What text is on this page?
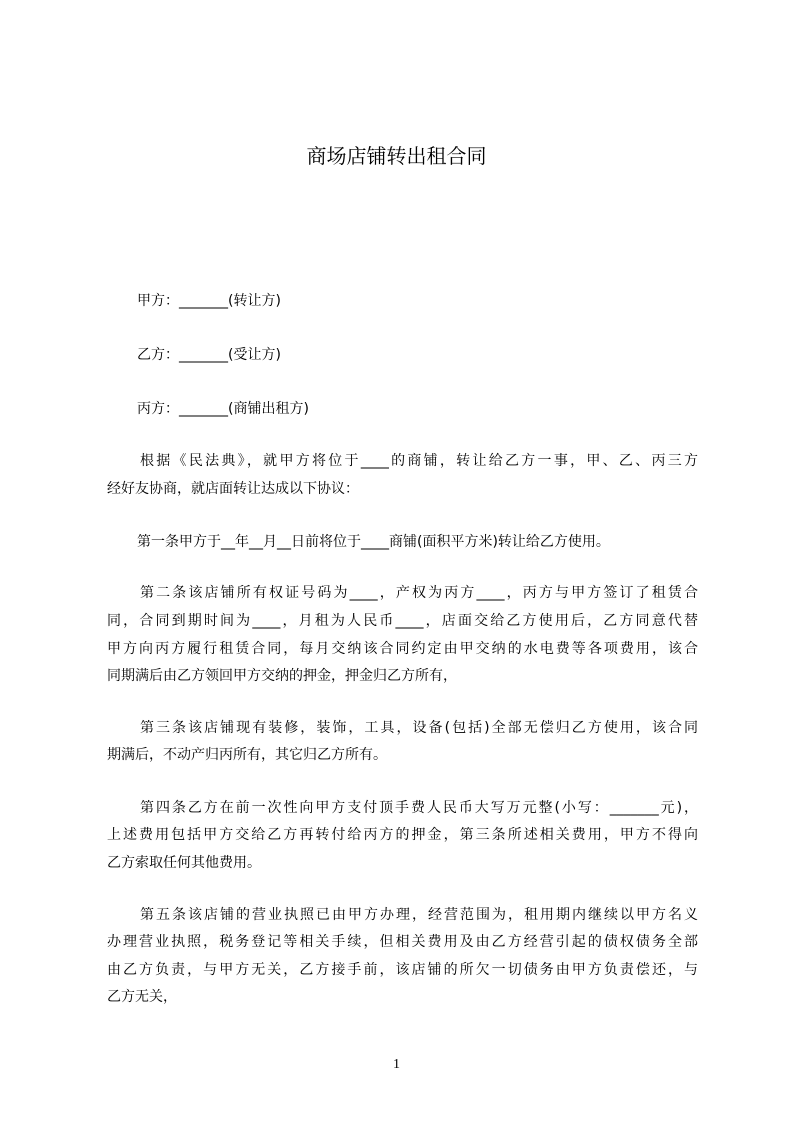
商场店铺转出租合同
甲方：_______(转让方)
乙方：_______(受让方)
丙方：_______(商铺出租方)
根据《民法典》，就甲方将位于____的商铺，转让给乙方一事，甲、乙、丙三方
经好友协商，就店面转让达成以下协议：
第一条甲方于__年__月__日前将位于____商铺(面积平方米)转让给乙方使用。
第二条该店铺所有权证号码为____，产权为丙方____，丙方与甲方签订了租赁合
同，合同到期时间为____，月租为人民币____，店面交给乙方使用后，乙方同意代替
甲方向丙方履行租赁合同，每月交纳该合同约定由甲交纳的水电费等各项费用，该合
同期满后由乙方领回甲方交纳的押金，押金归乙方所有，
第三条该店铺现有装修，装饰，工具，设备(包括)全部无偿归乙方使用，该合同
期满后，不动产归丙所有，其它归乙方所有。
第四条乙方在前一次性向甲方支付顶手费人民币大写万元整(小写：_______元)，
上述费用包括甲方交给乙方再转付给丙方的押金，第三条所述相关费用，甲方不得向
乙方索取任何其他费用。
第五条该店铺的营业执照已由甲方办理，经营范围为，租用期内继续以甲方名义
办理营业执照，税务登记等相关手续，但相关费用及由乙方经营引起的债权债务全部
由乙方负责，与甲方无关，乙方接手前，该店铺的所欠一切债务由甲方负责偿还，与
乙方无关，
1
